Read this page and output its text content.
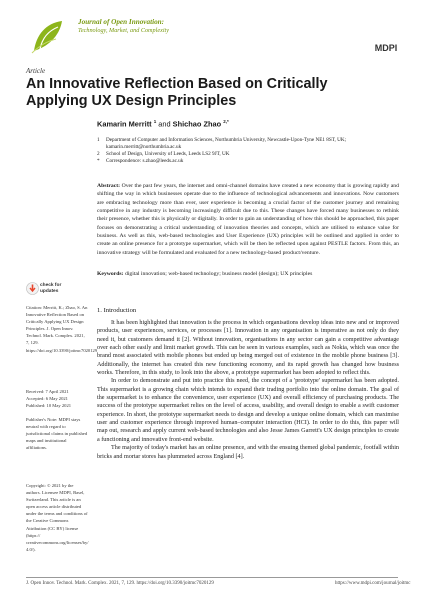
Journal of Open Innovation:
Technology, Market, and Complexity
MDPI
Article
An Innovative Reflection Based on Critically Applying UX Design Principles
Kamarin Merritt $^1$ and Shichao Zhao $^{2,*}$
1	Department of Computer and Information Sciences, Northumbria University, Newcastle-Upon-Tyne NE1 8ST, UK; kamarin.merritt@northumbria.ac.uk
2	School of Design, University of Leeds, Leeds LS2 9JT, UK
*	Correspondence: s.zhao@leeds.ac.uk
Abstract: Over the past few years, the internet and omni-channel domains have created a new economy that is growing rapidly and shifting the way in which businesses operate due to the influence of technological advancements and innovations. Now customers are embracing technology more than ever, user experience is becoming a crucial factor of the customer journey and remaining competitive in any industry is becoming increasingly difficult due to this. These changes have forced many businesses to rethink their presence, whether this is physically or digitally. In order to gain an understanding of how this should be approached, this paper focuses on demonstrating a critical understanding of innovation theories and concepts, which are utilised to enhance value for business. As well as this, web-based technologies and User Experience (UX) principles will be outlined and applied in order to create an online presence for a prototype supermarket, which will be then be reflected upon against PESTLE factors. From this, an innovative strategy will be formulated and evaluated for a new technology-based product/venture.
Keywords: digital innovation; web-based technology; business model (design); UX principles
check for
updates
Citation: Merritt, K.; Zhao, S. An Innovative Reflection Based on Critically Applying UX Design Principles. J. Open Innov. Technol. Mark. Complex. 2021, 7, 129. https://doi.org/10.3390/joitmc7020129
Received: 7 April 2021
Accepted: 6 May 2021
Published: 10 May 2021
Publisher's Note: MDPI stays neutral with regard to jurisdictional claims in published maps and institutional affiliations.
Copyright: © 2021 by the authors. Licensee MDPI, Basel, Switzerland. This article is an open access article distributed under the terms and conditions of the Creative Commons Attribution (CC BY) license (https:// creativecommons.org/licenses/by/ 4.0/).
1. Introduction

It has been highlighted that innovation is the process in which organisations develop ideas into new and or improved products, user experiences, services, or processes [1]. Innovation in any organisation is imperative as not only do they need it, but customers demand it [2]. Without innovation, organisations in any sector can gain a competitive advantage over each other easily and limit market growth. This can be seen in various examples, such as Nokia, which was once the brand most associated with mobile phones but ended up being merged out of existence in the mobile phone business [3]. Additionally, the internet has created this new functioning economy, and its rapid growth has changed how business works. Therefore, in this study, to look into the above, a prototype supermarket has been adopted to reflect this.

In order to demonstrate and put into practice this need, the concept of a 'prototype' supermarket has been adopted. This supermarket is a growing chain which intends to expand their trading portfolio into the online domain. The goal of the supermarket is to enhance the convenience, user experience (UX) and overall efficiency of purchasing products. The success of the prototype supermarket relies on the level of access, usability, and overall design to enable a swift customer experience. In short, the prototype supermarket needs to design and develop a unique online domain, which can maximise user and customer experience through improved human–computer interaction (HCI). In order to do this, this paper will map out, research and apply current web-based technologies and also Jesse James Garrett's UX design principles to create a functioning and innovative front-end website.

The majority of today's market has an online presence, and with the ensuing themed global pandemic, footfall within bricks and mortar stores has plummeted across England [4].

J. Open Innov. Technol. Mark. Complex. 2021, 7, 129. https://doi.org/10.3390/joitmc7020129	https://www.mdpi.com/journal/joitmc
